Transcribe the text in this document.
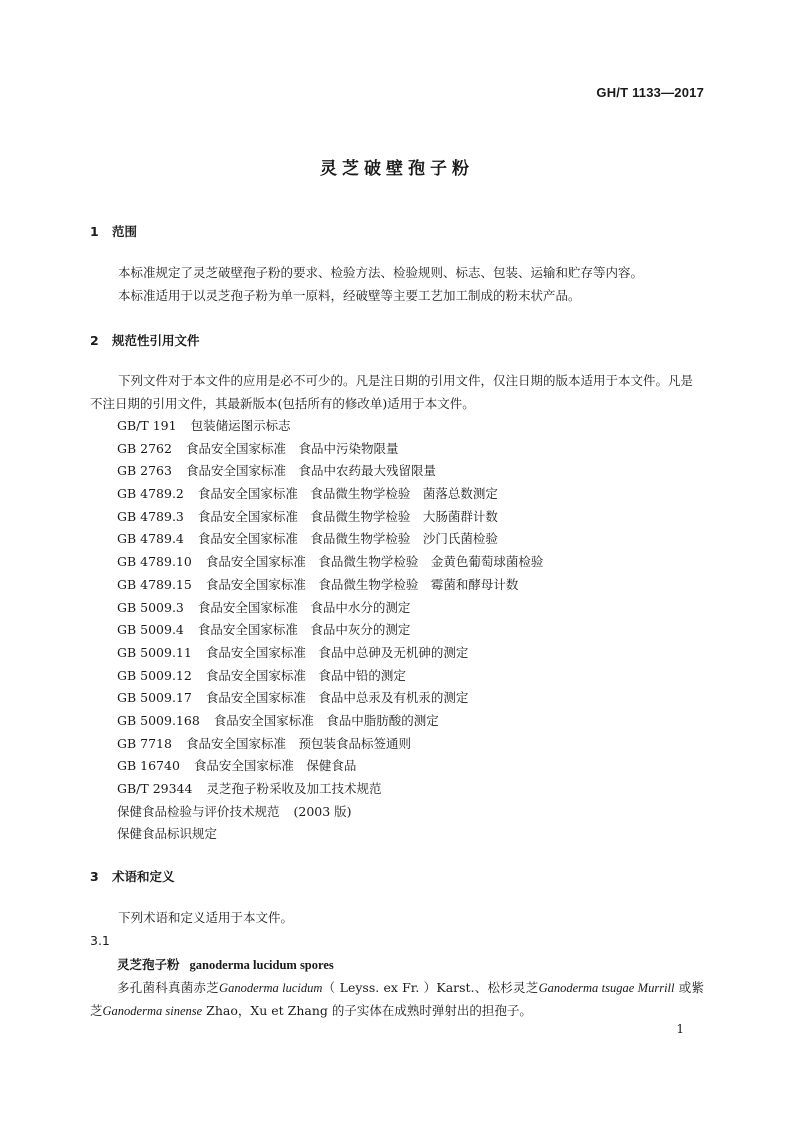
GH/T 1133—2017
灵芝破壁孢子粉
1 范围
本标准规定了灵芝破壁孢子粉的要求、检验方法、检验规则、标志、包装、运输和贮存等内容。
本标准适用于以灵芝孢子粉为单一原料，经破壁等主要工艺加工制成的粉末状产品。
2 规范性引用文件
下列文件对于本文件的应用是必不可少的。凡是注日期的引用文件，仅注日期的版本适用于本文件。凡是不注日期的引用文件，其最新版本(包括所有的修改单)适用于本文件。
GB/T 191 包装储运图示标志
GB 2762 食品安全国家标准　食品中污染物限量
GB 2763 食品安全国家标准　食品中农药最大残留限量
GB 4789.2 食品安全国家标准　食品微生物学检验　菌落总数测定
GB 4789.3 食品安全国家标准　食品微生物学检验　大肠菌群计数
GB 4789.4 食品安全国家标准　食品微生物学检验　沙门氏菌检验
GB 4789.10 食品安全国家标准　食品微生物学检验　金黄色葡萄球菌检验
GB 4789.15 食品安全国家标准　食品微生物学检验　霉菌和酵母计数
GB 5009.3 食品安全国家标准　食品中水分的测定
GB 5009.4 食品安全国家标准　食品中灰分的测定
GB 5009.11 食品安全国家标准　食品中总砷及无机砷的测定
GB 5009.12 食品安全国家标准　食品中铅的测定
GB 5009.17 食品安全国家标准　食品中总汞及有机汞的测定
GB 5009.168 食品安全国家标准　食品中脂肪酸的测定
GB 7718 食品安全国家标准　预包装食品标签通则
GB 16740 食品安全国家标准　保健食品
GB/T 29344 灵芝孢子粉采收及加工技术规范
保健食品检验与评价技术规范 (2003 版)
保健食品标识规定
3 术语和定义
下列术语和定义适用于本文件。
3.1
灵芝孢子粉 ganoderma lucidum spores
多孔菌科真菌赤芝Ganoderma lucidum（ Leyss. ex Fr. ）Karst.、松杉灵芝Ganoderma tsugae Murrill 或紫芝Ganoderma sinense Zhao，Xu et Zhang 的子实体在成熟时弹射出的担孢子。
1
